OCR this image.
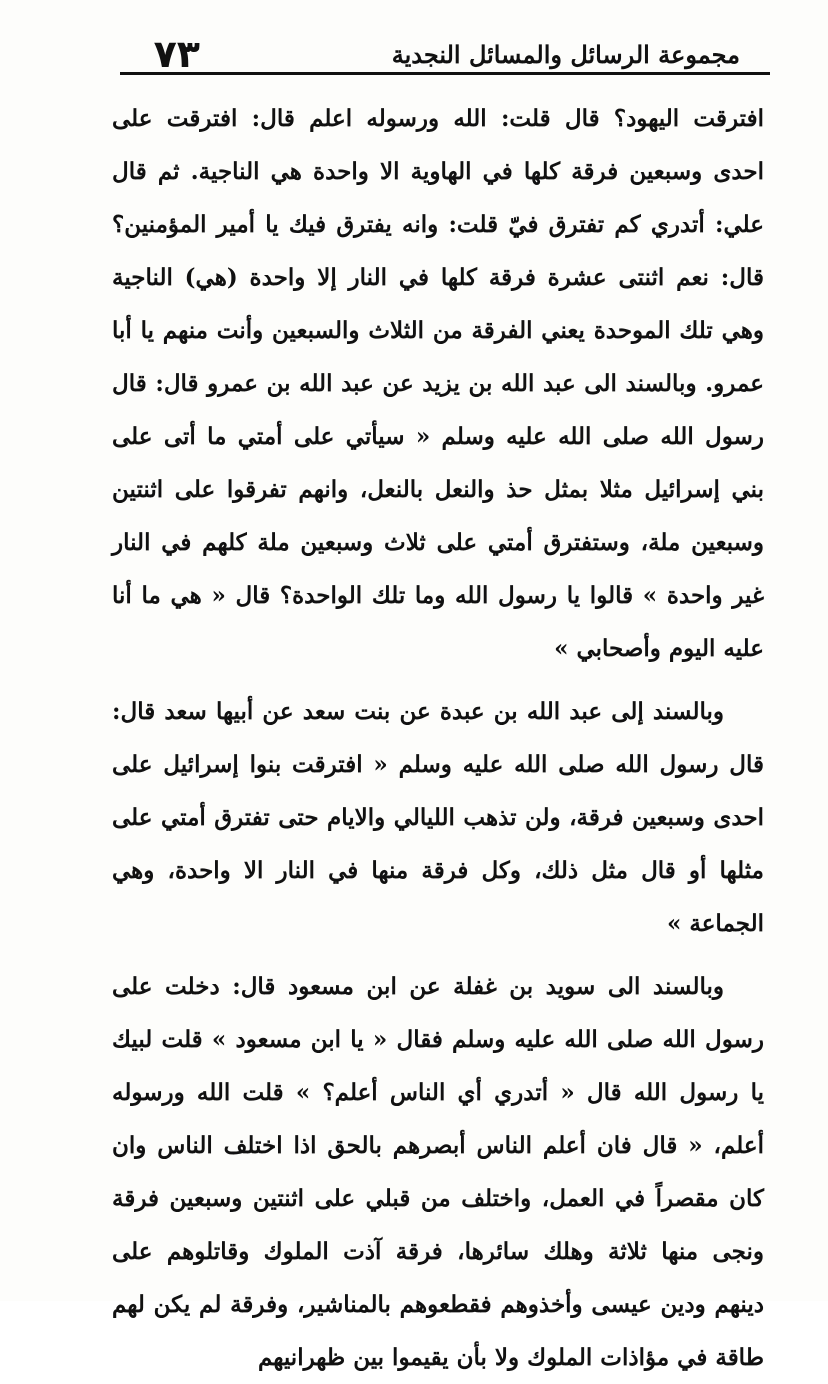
٧٣	مجموعة الرسائل والمسائل النجدية

افترقت اليهود؟ قال قلت: الله ورسوله اعلم قال: افترقت على احدى وسبعين فرقة كلها في الهاوية الا واحدة هي الناجية. ثم قال علي: أتدري كم تفترق فيّ قلت: وانه يفترق فيك يا أمير المؤمنين؟ قال: نعم اثنتى عشرة فرقة كلها في النار إلا واحدة (هي) الناجية وهي تلك الموحدة يعني الفرقة من الثلاث والسبعين وأنت منهم يا أبا عمرو. وبالسند الى عبد الله بن يزيد عن عبد الله بن عمرو قال: قال رسول الله صلى الله عليه وسلم « سيأتي على أمتي ما أتى على بني إسرائيل مثلا بمثل حذ والنعل بالنعل، وانهم تفرقوا على اثنتين وسبعين ملة، وستفترق أمتي على ثلاث وسبعين ملة كلهم في النار غير واحدة » قالوا يا رسول الله وما تلك الواحدة؟ قال « هي ما أنا عليه اليوم وأصحابي »

وبالسند إلى عبد الله بن عبدة عن بنت سعد عن أبيها سعد قال: قال رسول الله صلى الله عليه وسلم « افترقت بنوا إسرائيل على احدى وسبعين فرقة، ولن تذهب الليالي والايام حتى تفترق أمتي على مثلها أو قال مثل ذلك، وكل فرقة منها في النار الا واحدة، وهي الجماعة »

وبالسند الى سويد بن غفلة عن ابن مسعود قال: دخلت على رسول الله صلى الله عليه وسلم فقال « يا ابن مسعود » قلت لبيك يا رسول الله قال « أتدري أي الناس أعلم؟ » قلت الله ورسوله أعلم، « قال فان أعلم الناس أبصرهم بالحق اذا اختلف الناس وان كان مقصراً في العمل، واختلف من قبلي على اثنتين وسبعين فرقة ونجى منها ثلاثة وهلك سائرها، فرقة آذت الملوك وقاتلوهم على دينهم ودين عيسى وأخذوهم فقطعوهم بالمناشير، وفرقة لم يكن لهم طاقة في مؤاذات الملوك ولا بأن يقيموا بين ظهرانيهم
